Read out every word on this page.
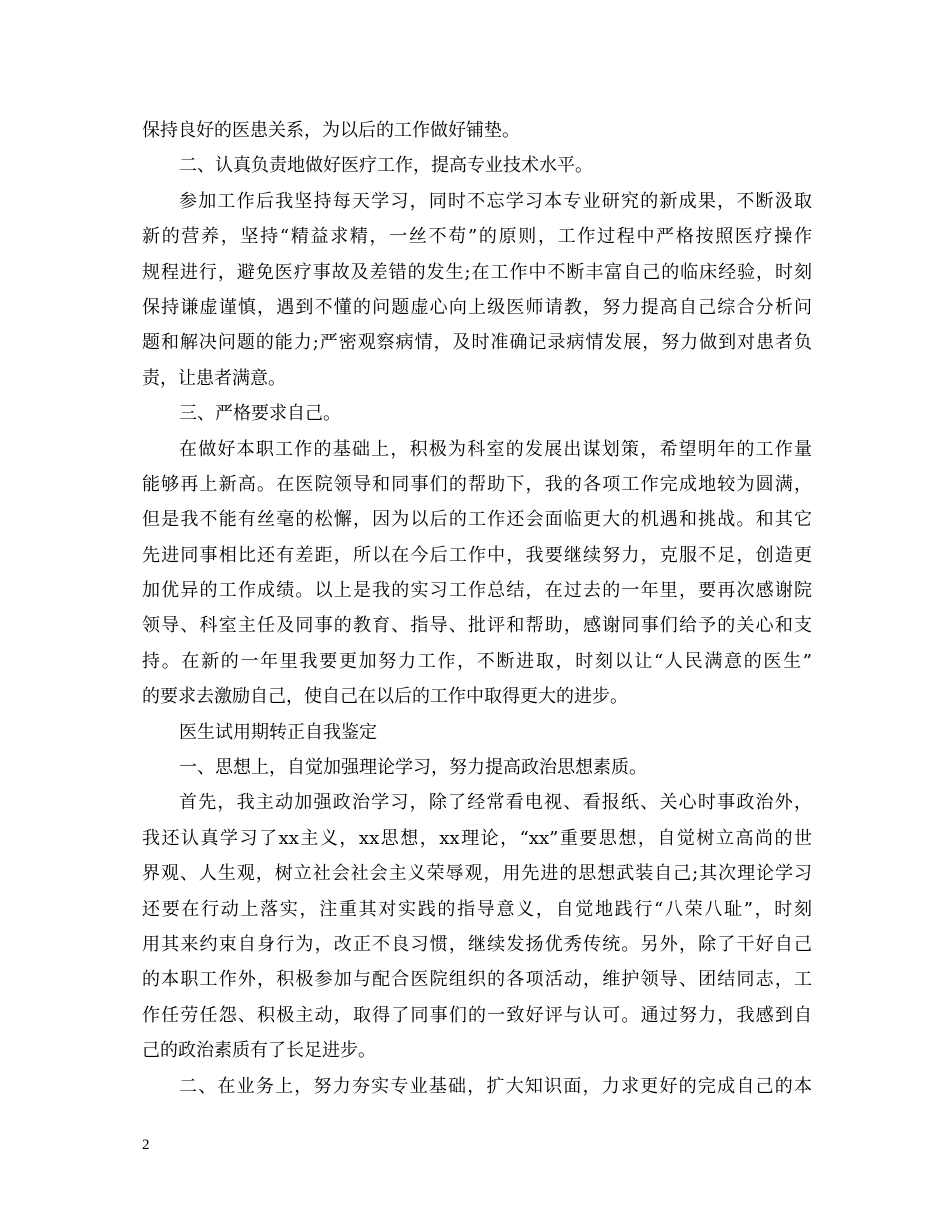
保持良好的医患关系，为以后的工作做好铺垫。
二、认真负责地做好医疗工作，提高专业技术水平。
参加工作后我坚持每天学习，同时不忘学习本专业研究的新成果，不断汲取
新的营养，坚持“精益求精，一丝不苟”的原则，工作过程中严格按照医疗操作
规程进行，避免医疗事故及差错的发生;在工作中不断丰富自己的临床经验，时刻
保持谦虚谨慎，遇到不懂的问题虚心向上级医师请教，努力提高自己综合分析问
题和解决问题的能力;严密观察病情，及时准确记录病情发展，努力做到对患者负
责，让患者满意。
三、严格要求自己。
在做好本职工作的基础上，积极为科室的发展出谋划策，希望明年的工作量
能够再上新高。在医院领导和同事们的帮助下，我的各项工作完成地较为圆满，
但是我不能有丝毫的松懈，因为以后的工作还会面临更大的机遇和挑战。和其它
先进同事相比还有差距，所以在今后工作中，我要继续努力，克服不足，创造更
加优异的工作成绩。以上是我的实习工作总结，在过去的一年里，要再次感谢院
领导、科室主任及同事的教育、指导、批评和帮助，感谢同事们给予的关心和支
持。在新的一年里我要更加努力工作，不断进取，时刻以让“人民满意的医生”
的要求去激励自己，使自己在以后的工作中取得更大的进步。
医生试用期转正自我鉴定
一、思想上，自觉加强理论学习，努力提高政治思想素质。
首先，我主动加强政治学习，除了经常看电视、看报纸、关心时事政治外，
我还认真学习了xx主义，xx思想，xx理论，“xx”重要思想，自觉树立高尚的世
界观、人生观，树立社会社会主义荣辱观，用先进的思想武装自己;其次理论学习
还要在行动上落实，注重其对实践的指导意义，自觉地践行“八荣八耻”，时刻
用其来约束自身行为，改正不良习惯，继续发扬优秀传统。另外，除了干好自己
的本职工作外，积极参加与配合医院组织的各项活动，维护领导、团结同志，工
作任劳任怨、积极主动，取得了同事们的一致好评与认可。通过努力，我感到自
己的政治素质有了长足进步。
二、在业务上，努力夯实专业基础，扩大知识面，力求更好的完成自己的本
2
